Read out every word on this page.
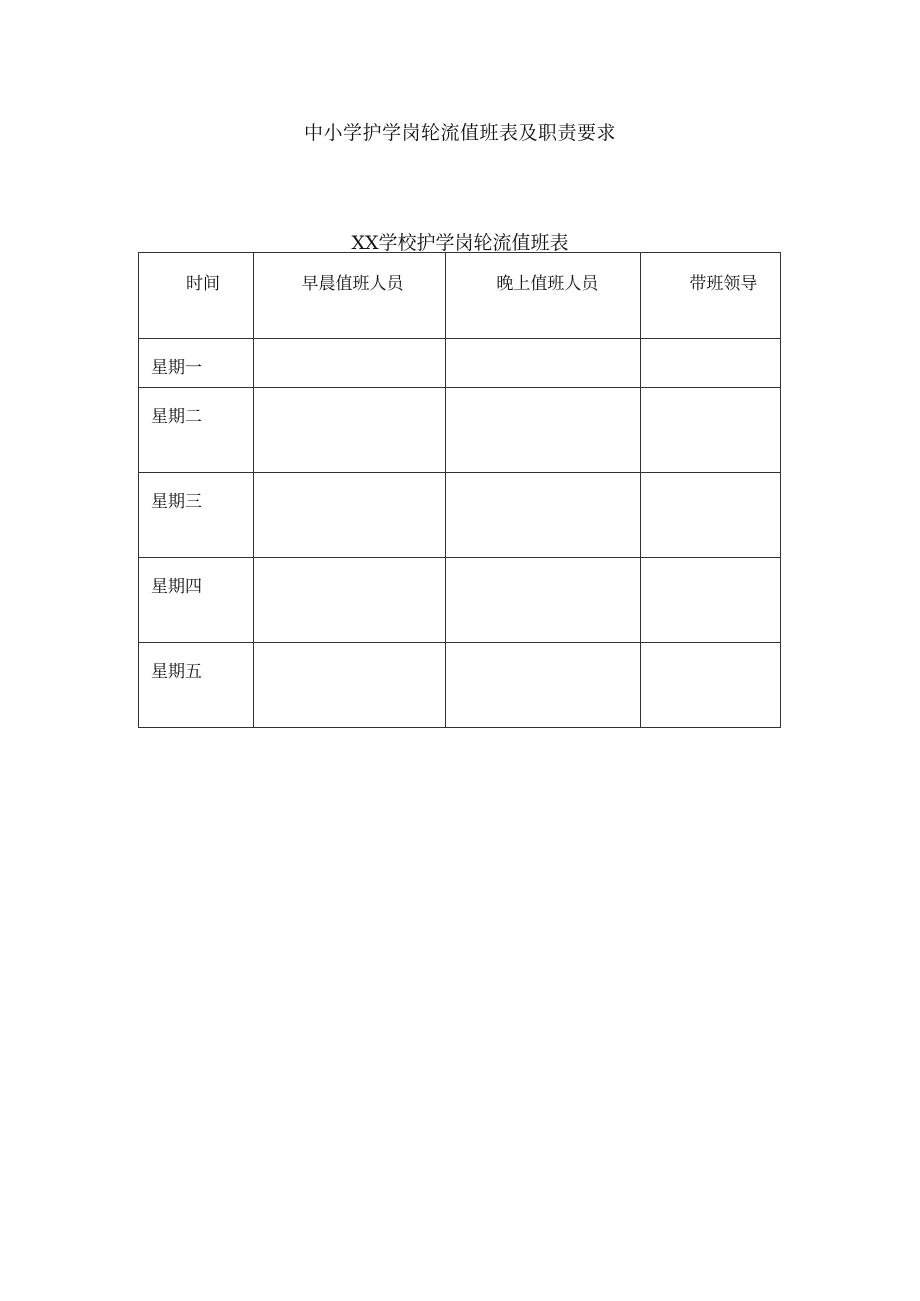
中小学护学岗轮流值班表及职责要求
XX学校护学岗轮流值班表
时间	早晨值班人员	晚上值班人员	带班领导

星期一			

星期二			

星期三			

星期四			

星期五			
